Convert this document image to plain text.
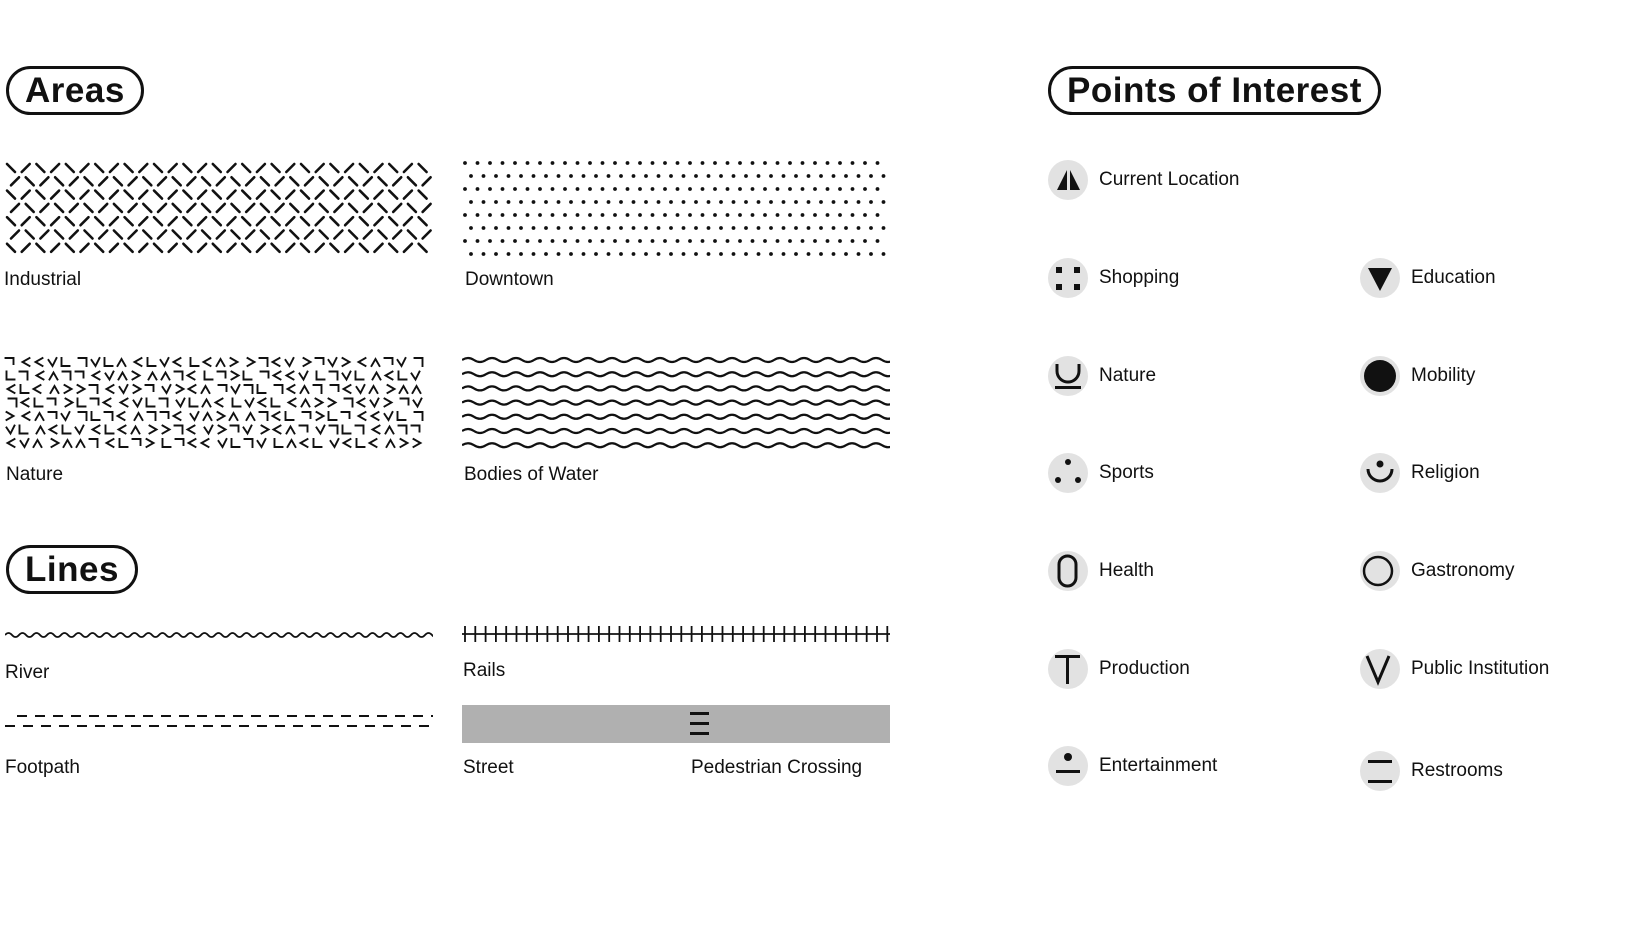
Areas
Industrial	Downtown
Nature	Bodies of Water
Lines
River	Rails
Footpath	Street	Pedestrian Crossing
Points of Interest
Current Location
Shopping	Education
Nature	Mobility
Sports	Religion
Health	Gastronomy
Production	Public Institution
Entertainment	Restrooms
